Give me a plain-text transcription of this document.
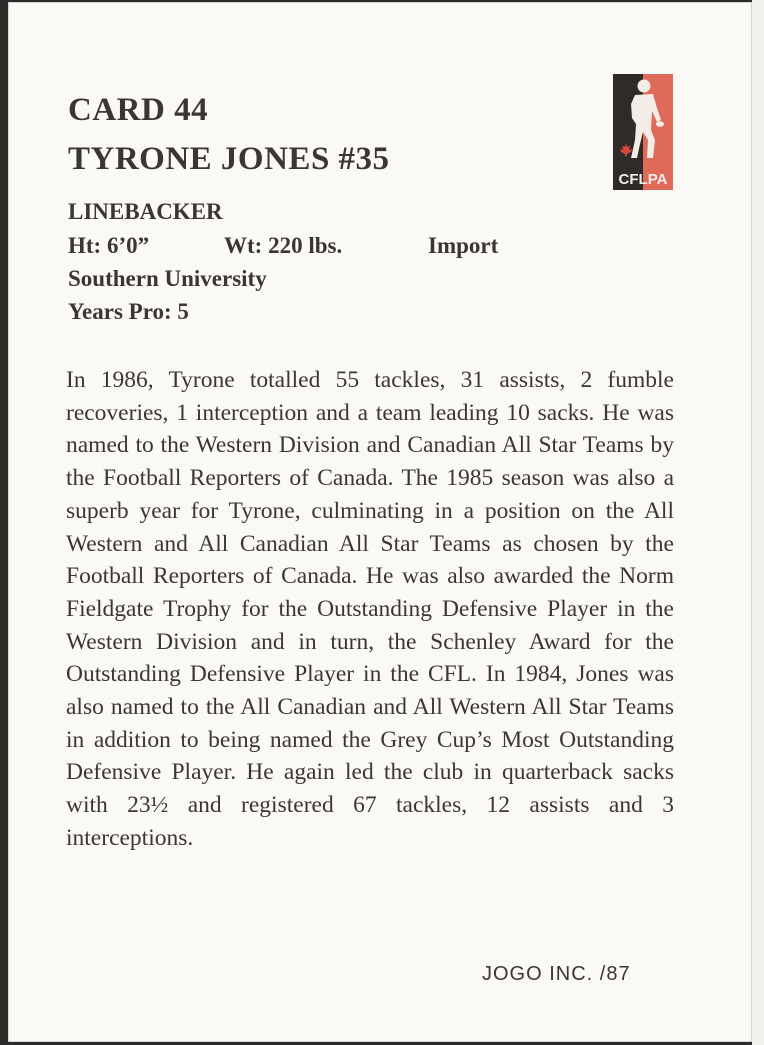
CARD 44
TYRONE JONES #35
LINEBACKER
Ht: 6’0”	Wt: 220 lbs.	Import
Southern University
Years Pro: 5
In 1986, Tyrone totalled 55 tackles, 31 assists, 2 fumble recoveries, 1 interception and a team leading 10 sacks. He was named to the Western Division and Canadian All Star Teams by the Football Reporters of Canada. The 1985 season was also a superb year for Tyrone, culminating in a position on the All Western and All Canadian All Star Teams as chosen by the Football Reporters of Canada. He was also awarded the Norm Fieldgate Trophy for the Outstanding Defensive Player in the Western Division and in turn, the Schenley Award for the Outstanding Defensive Player in the CFL. In 1984, Jones was also named to the All Canadian and All Western All Star Teams in addition to being named the Grey Cup’s Most Outstanding Defensive Player. He again led the club in quarterback sacks with 23½ and registered 67 tackles, 12 assists and 3 interceptions.
JOGO INC. /87
CFLPA
